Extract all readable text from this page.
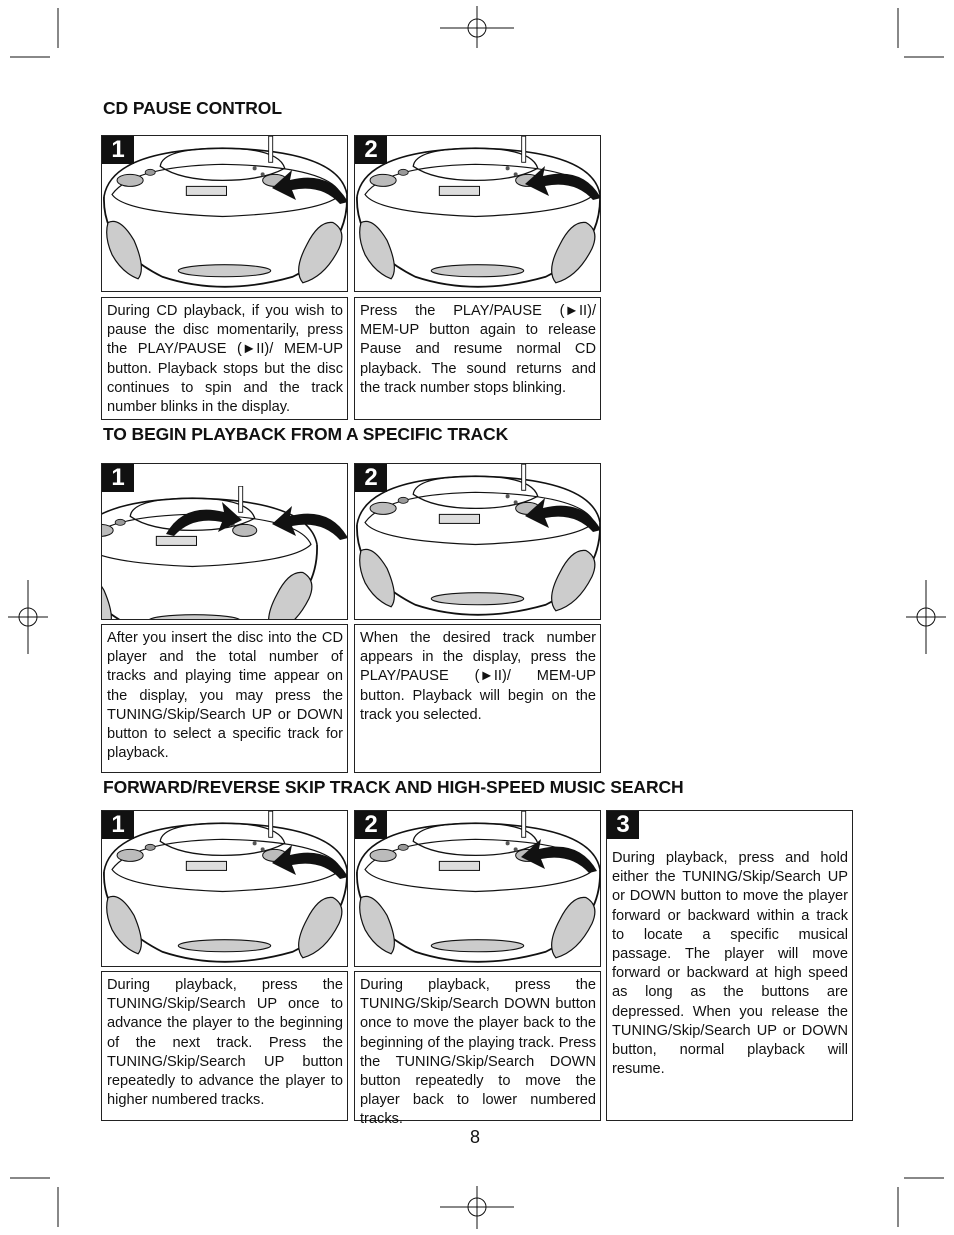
CD PAUSE CONTROL
TO BEGIN PLAYBACK FROM A SPECIFIC TRACK
FORWARD/REVERSE SKIP TRACK AND HIGH-SPEED MUSIC SEARCH
1	2
During CD playback, if you wish to pause the disc momentarily, press the PLAY/PAUSE (►II)/ MEM-UP button. Playback stops but the disc continues to spin and the track number blinks in the display.
Press the PLAY/PAUSE (►II)/ MEM-UP button again to release Pause and resume normal CD playback. The sound returns and the track number stops blinking.
1	2
After you insert the disc into the CD player and the total number of tracks and playing time appear on the display, you may press the TUNING/Skip/Search UP or DOWN button to select a specific track for playback.
When the desired track number appears in the display, press the PLAY/PAUSE (►II)/ MEM-UP button. Playback will begin on the track you selected.
1	2
During playback, press the TUNING/Skip/Search UP once to advance the player to the beginning of the next track. Press the TUNING/Skip/Search UP button repeatedly to advance the player to higher numbered tracks.
During playback, press the TUNING/Skip/Search DOWN button once to move the player back to the beginning of the playing track. Press the TUNING/Skip/Search DOWN button repeatedly to move the player back to lower numbered tracks.
3
During playback, press and hold either the TUNING/Skip/Search UP or DOWN button to move the player forward or backward within a track to locate a specific musical passage. The player will move forward or backward at high speed as long as the buttons are depressed. When you release the TUNING/Skip/Search UP or DOWN button, normal playback will resume.
8
